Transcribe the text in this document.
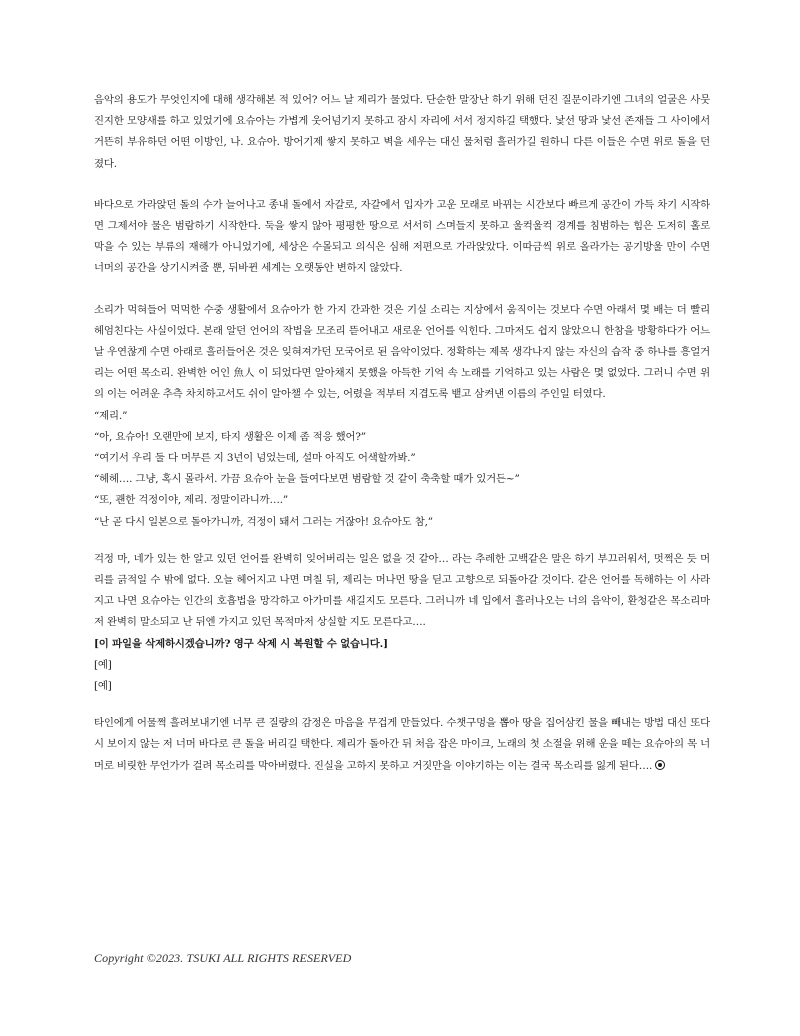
음악의 용도가 무엇인지에 대해 생각해본 적 있어? 어느 날 제리가 물었다. 단순한 말장난 하기 위해 던진 질문이라기엔 그녀의 얼굴은 사뭇 진지한 모양새를 하고 있었기에 요슈아는 가볍게 웃어넘기지 못하고 잠시 자리에 서서 정지하길 택했다. 낯선 땅과 낯선 존재들 그 사이에서 거뜬히 부유하던 어떤 이방인, 나. 요슈아. 방어기제 쌓지 못하고 벽을 세우는 대신 물처럼 흘러가길 원하니 다른 이들은 수면 위로 돌을 던졌다.

바다으로 가라앉던 돌의 수가 늘어나고 종내 돌에서 자갈로, 자갈에서 입자가 고운 모래로 바뀌는 시간보다 빠르게 공간이 가득 차기 시작하면 그제서야 물은 범람하기 시작한다. 둑을 쌓지 않아 평평한 땅으로 서서히 스며들지 못하고 울컥울컥 경계를 침범하는 힘은 도저히 홀로 막을 수 있는 부류의 재해가 아니었기에, 세상은 수몰되고 의식은 심해 저편으로 가라앉았다. 이따금씩 위로 올라가는 공기방울 만이 수면 너머의 공간을 상기시켜줄 뿐, 뒤바뀐 세계는 오랫동안 변하지 않았다.

소리가 먹혀들어 먹먹한 수중 생활에서 요슈아가 한 가지 간과한 것은 기실 소리는 지상에서 움직이는 것보다 수면 아래서 몇 배는 더 빨리 헤엄친다는 사실이었다. 본래 알던 언어의 작법을 모조리 뜯어내고 새로운 언어를 익힌다. 그마저도 쉽지 않았으니 한참을 방황하다가 어느 날 우연찮게 수면 아래로 흘러들어온 것은 잊혀져가던 모국어로 된 음악이었다. 정확하는 제목 생각나지 않는 자신의 습작 중 하나를 흥얼거리는 어떤 목소리. 완벽한 어인 魚人 이 되었다면 알아채지 못했을 아득한 기억 속 노래를 기억하고 있는 사람은 몇 없었다. 그러니 수면 위의 이는 어려운 추측 차치하고서도 쉬이 알아챌 수 있는, 어렸을 적부터 지겹도록 뱉고 삼켜낸 이름의 주인일 터였다.

“제리.”

“아, 요슈아! 오랜만에 보지, 타지 생활은 이제 좀 적응 했어?”

“여기서 우리 둘 다 머무른 지 3년이 넘었는데, 설마 아직도 어색할까봐.”

“헤헤…. 그냥, 혹시 몰라서. 가끔 요슈아 눈을 들여다보면 범람할 것 같이 축축할 때가 있거든~”

“또, 괜한 걱정이야, 제리. 정말이라니까….”

“난 곧 다시 일본으로 돌아가니까, 걱정이 돼서 그러는 거잖아! 요슈아도 참,”

걱정 마, 네가 있는 한 알고 있던 언어를 완벽히 잊어버리는 일은 없을 것 같아… 라는 추레한 고백같은 말은 하기 부끄러워서, 멋쩍은 듯 머리를 긁적일 수 밖에 없다. 오늘 헤어지고 나면 며칠 뒤, 제리는 머나먼 땅을 딛고 고향으로 되돌아갈 것이다. 같은 언어를 독해하는 이 사라지고 나면 요슈아는 인간의 호흡법을 망각하고 아가미를 새길지도 모른다. 그러니까 네 입에서 흘러나오는 너의 음악이, 환청같은 목소리마저 완벽히 말소되고 난 뒤엔 가지고 있던 목적마저 상실할 지도 모른다고….

[이 파일을 삭제하시겠습니까? 영구 삭제 시 복원할 수 없습니다.]

[예]

[예]

타인에게 어물쩍 흘려보내기엔 너무 큰 질량의 감정은 마음을 무겁게 만들었다. 수챗구멍을 뽑아 땅을 집어삼킨 물을 빼내는 방법 대신 또다시 보이지 않는 저 너머 바다로 큰 돌을 버리길 택한다. 제리가 돌아간 뒤 처음 잡은 마이크, 노래의 첫 소절을 위해 운을 떼는 요슈아의 목 너머로 비릿한 무언가가 걸려 목소리를 막아버렸다. 진실을 고하지 못하고 거짓만을 이야기하는 이는 결국 목소리를 잃게 된다….

Copyright ©2023. TSUKI ALL RIGHTS RESERVED
